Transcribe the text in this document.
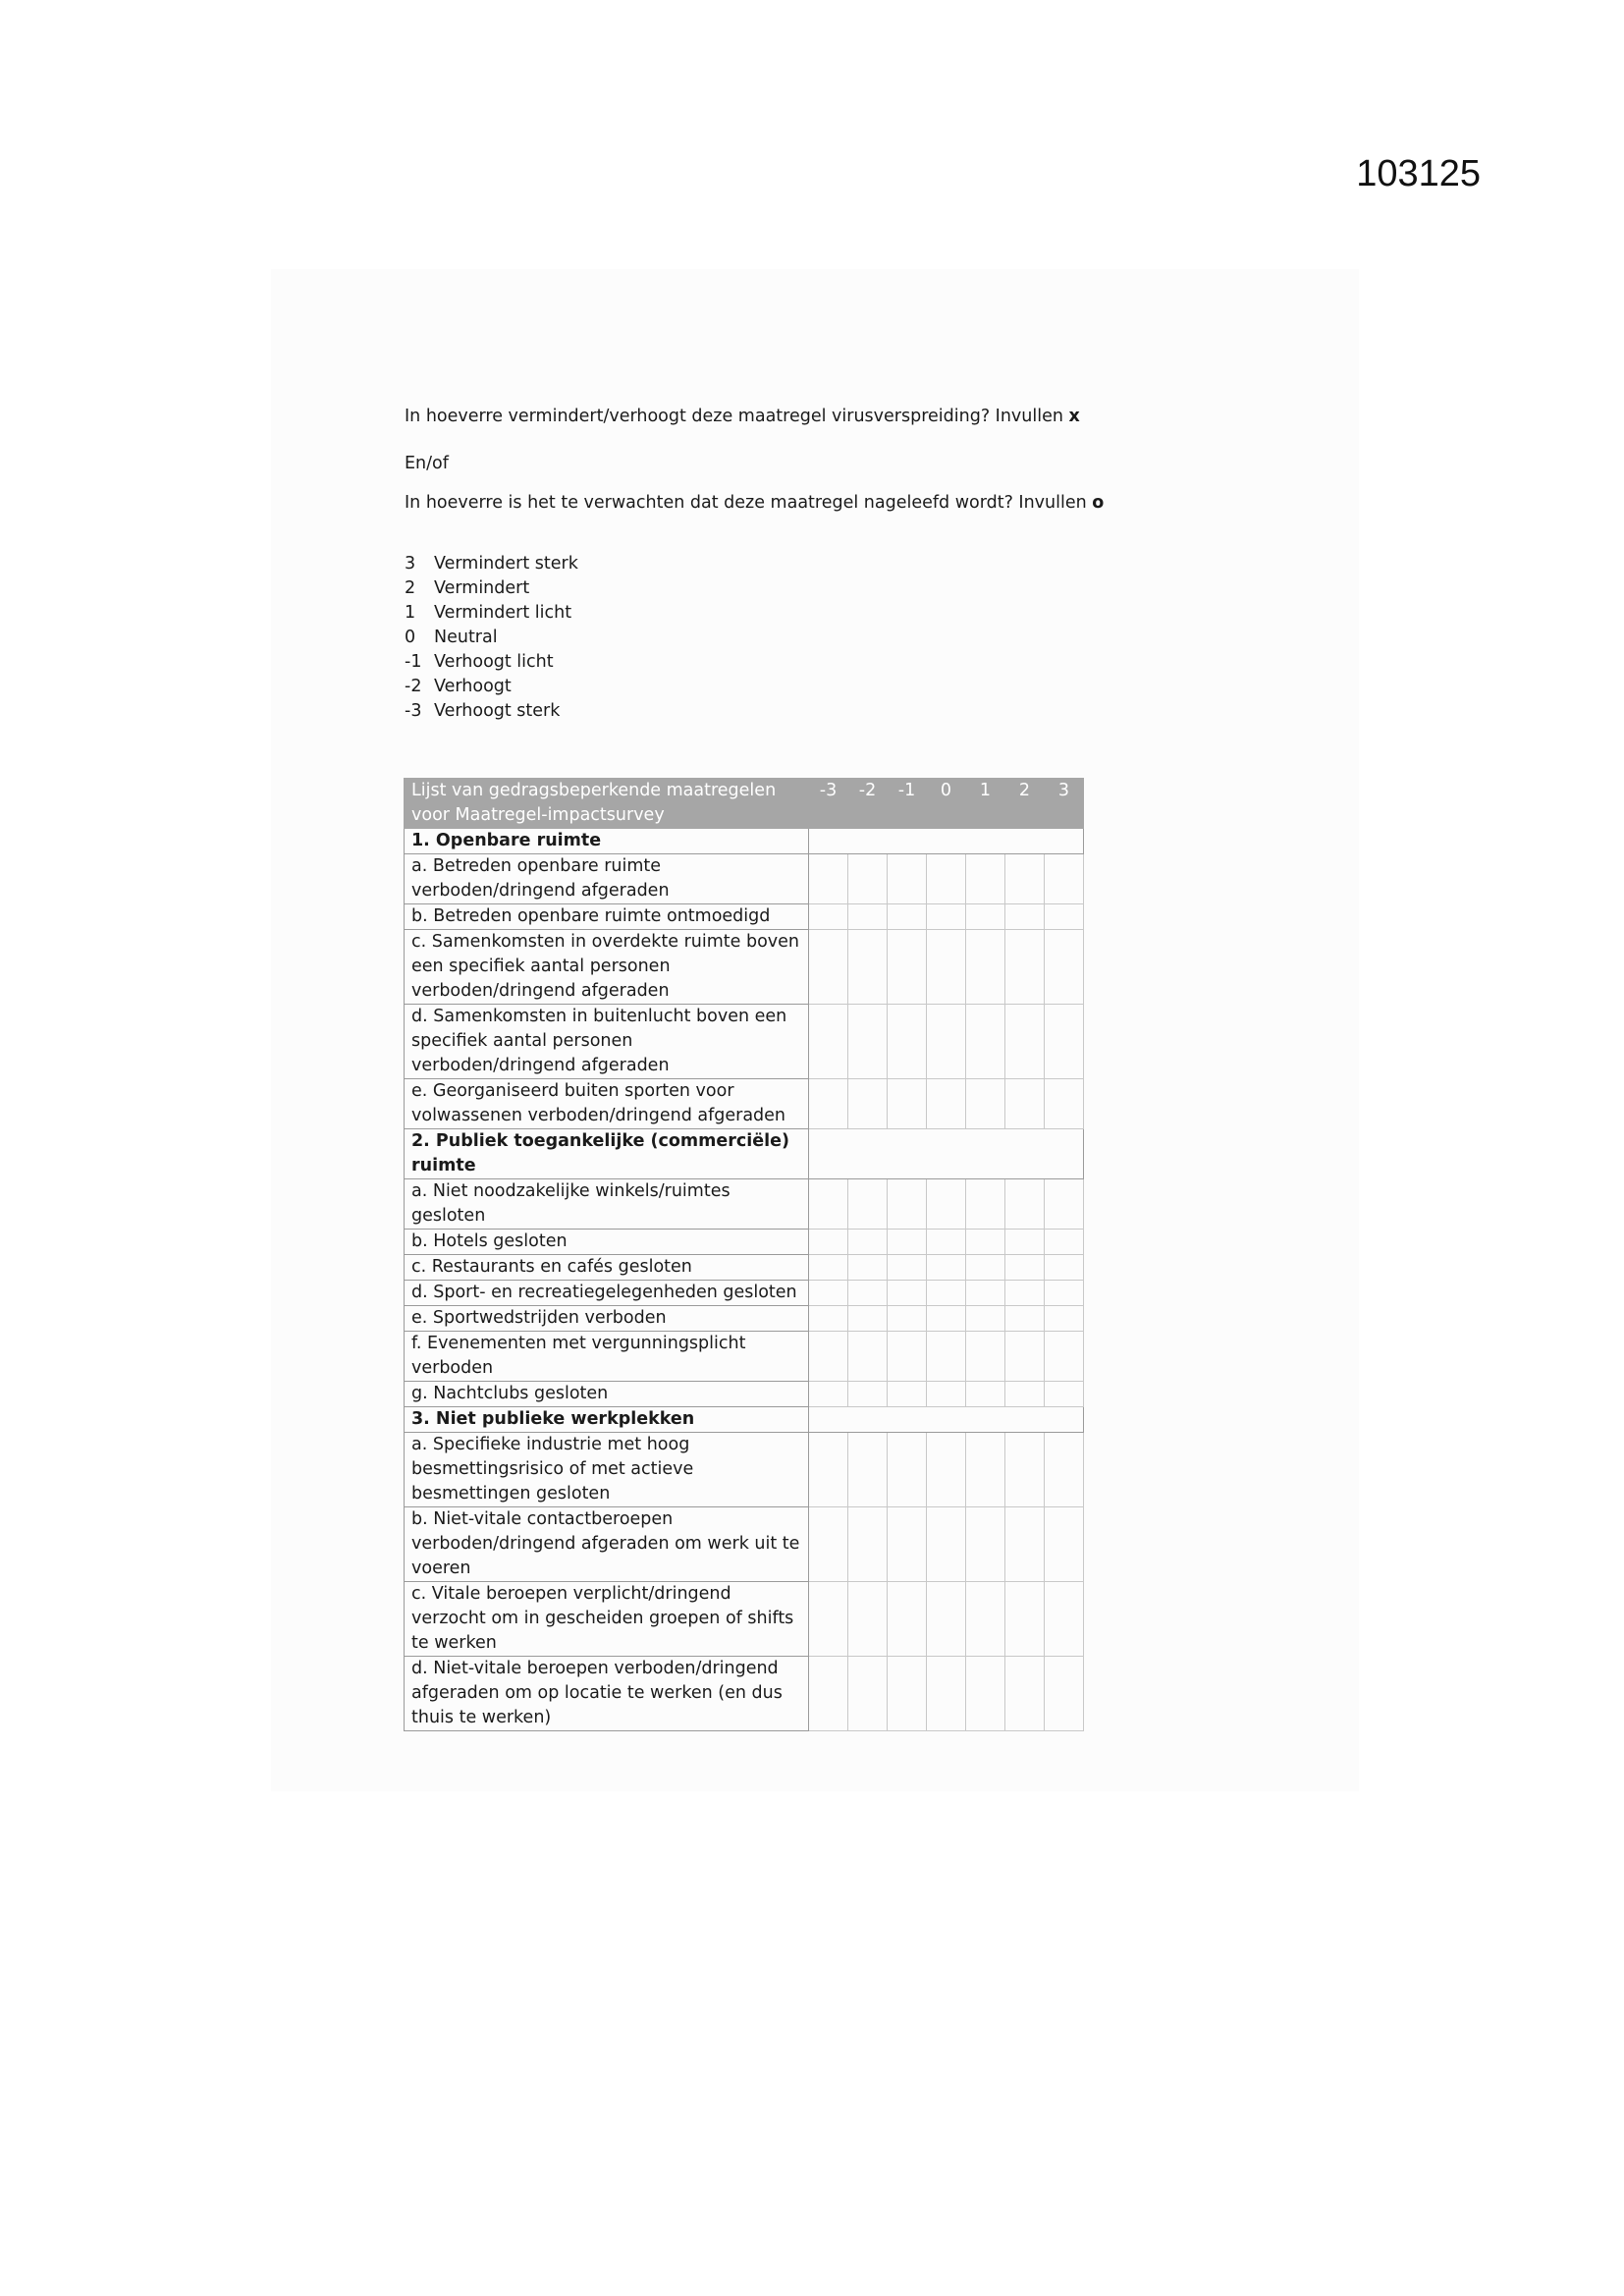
103125
In hoeverre vermindert/verhoogt deze maatregel virusverspreiding? Invullen x
En/of
In hoeverre is het te verwachten dat deze maatregel nageleefd wordt? Invullen o
3	Vermindert sterk
2	Vermindert
1	Vermindert licht
0	Neutral
-1 Verhoogt licht
-2 Verhoogt
-3 Verhoogt sterk
Lijst van gedragsbeperkende maatregelen voor Maatregel-impactsurvey	-3	-2	-1	0	1	2	3
1. Openbare ruimte							
a. Betreden openbare ruimte verboden/dringend afgeraden							
b. Betreden openbare ruimte ontmoedigd							
c. Samenkomsten in overdekte ruimte boven een specifiek aantal personen verboden/dringend afgeraden							
d. Samenkomsten in buitenlucht boven een specifiek aantal personen verboden/dringend afgeraden							
e. Georganiseerd buiten sporten voor volwassenen verboden/dringend afgeraden							
2. Publiek toegankelijke (commerciële) ruimte							
a. Niet noodzakelijke winkels/ruimtes gesloten							
b. Hotels gesloten							
c. Restaurants en cafés gesloten							
d. Sport- en recreatiegelegenheden gesloten							
e. Sportwedstrijden verboden							
f. Evenementen met vergunningsplicht verboden							
g. Nachtclubs gesloten							
3. Niet publieke werkplekken							
a. Specifieke industrie met hoog besmettingsrisico of met actieve besmettingen gesloten							
b. Niet-vitale contactberoepen verboden/dringend afgeraden om werk uit te voeren							
c. Vitale beroepen verplicht/dringend verzocht om in gescheiden groepen of shifts te werken							
d. Niet-vitale beroepen verboden/dringend afgeraden om op locatie te werken (en dus thuis te werken)							
